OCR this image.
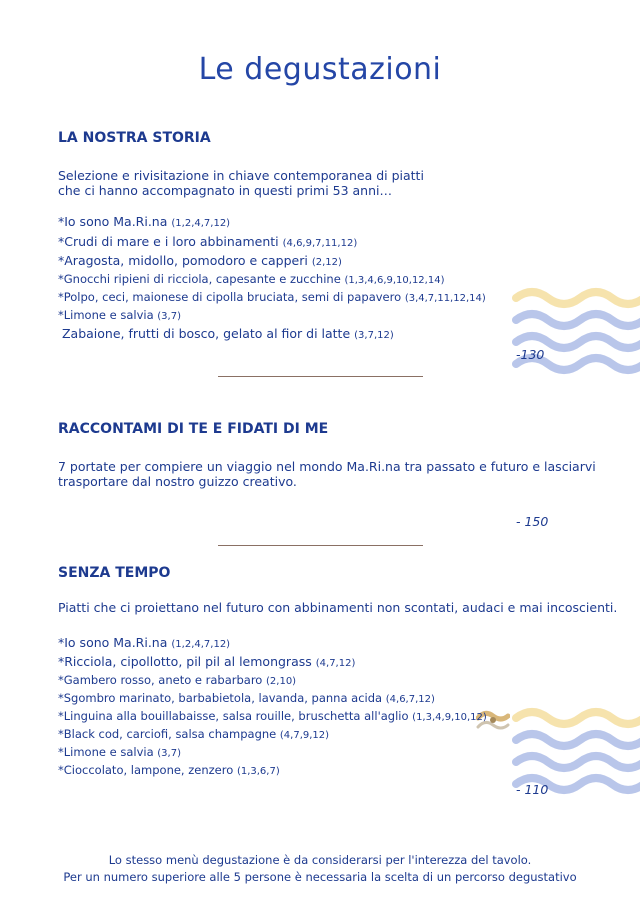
Le degustazioni
LA NOSTRA STORIA
Selezione e rivisitazione in chiave contemporanea di piatti
che ci hanno accompagnato in questi primi 53 anni…
*Io sono Ma.Ri.na (1,2,4,7,12)
*Crudi di mare e i loro abbinamenti (4,6,9,7,11,12)
*Aragosta, midollo, pomodoro e capperi (2,12)
*Gnocchi ripieni di ricciola, capesante e zucchine (1,3,4,6,9,10,12,14)
*Polpo, ceci, maionese di cipolla bruciata, semi di papavero (3,4,7,11,12,14)
*Limone e salvia (3,7)
Zabaione, frutti di bosco, gelato al fior di latte (3,7,12)
-130
RACCONTAMI DI TE E FIDATI DI ME
7 portate per compiere un viaggio nel mondo Ma.Ri.na tra passato e futuro e lasciarvi
trasportare dal nostro guizzo creativo.
- 150
SENZA TEMPO
Piatti che ci proiettano nel futuro con abbinamenti non scontati, audaci e mai incoscienti.
*Io sono Ma.Ri.na (1,2,4,7,12)
*Ricciola, cipollotto, pil pil al lemongrass (4,7,12)
*Gambero rosso, aneto e rabarbaro (2,10)
*Sgombro marinato, barbabietola, lavanda, panna acida (4,6,7,12)
*Linguina alla bouillabaisse, salsa rouille, bruschetta all'aglio (1,3,4,9,10,12)
*Black cod, carciofi, salsa champagne (4,7,9,12)
*Limone e salvia (3,7)
*Cioccolato, lampone, zenzero (1,3,6,7)
- 110
Lo stesso menù degustazione è da considerarsi per l'interezza del tavolo.
Per un numero superiore alle 5 persone è necessaria la scelta di un percorso degustativo
